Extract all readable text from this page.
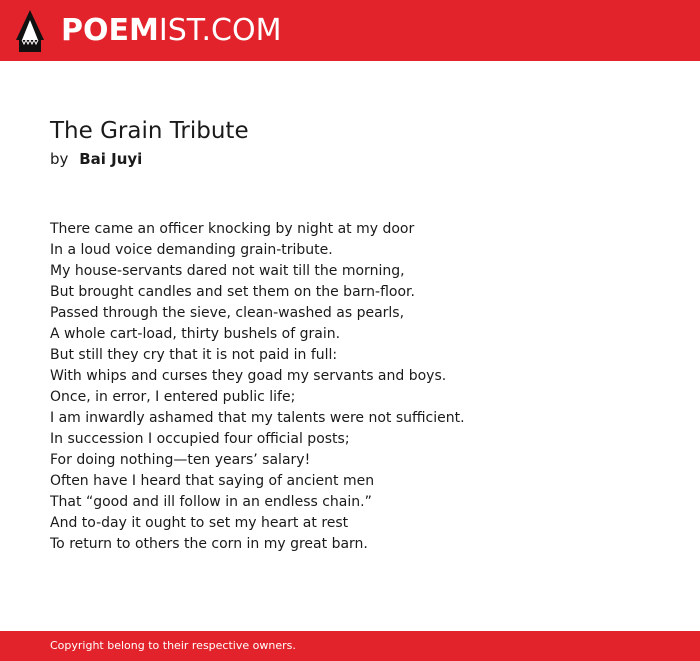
POEMIST.COM
The Grain Tribute
by Bai Juyi
There came an officer knocking by night at my door
In a loud voice demanding grain-tribute.
My house-servants dared not wait till the morning,
But brought candles and set them on the barn-floor.
Passed through the sieve, clean-washed as pearls,
A whole cart-load, thirty bushels of grain.
But still they cry that it is not paid in full:
With whips and curses they goad my servants and boys.
Once, in error, I entered public life;
I am inwardly ashamed that my talents were not sufficient.
In succession I occupied four official posts;
For doing nothing—ten years’ salary!
Often have I heard that saying of ancient men
That “good and ill follow in an endless chain.”
And to-day it ought to set my heart at rest
To return to others the corn in my great barn.
Copyright belong to their respective owners.
